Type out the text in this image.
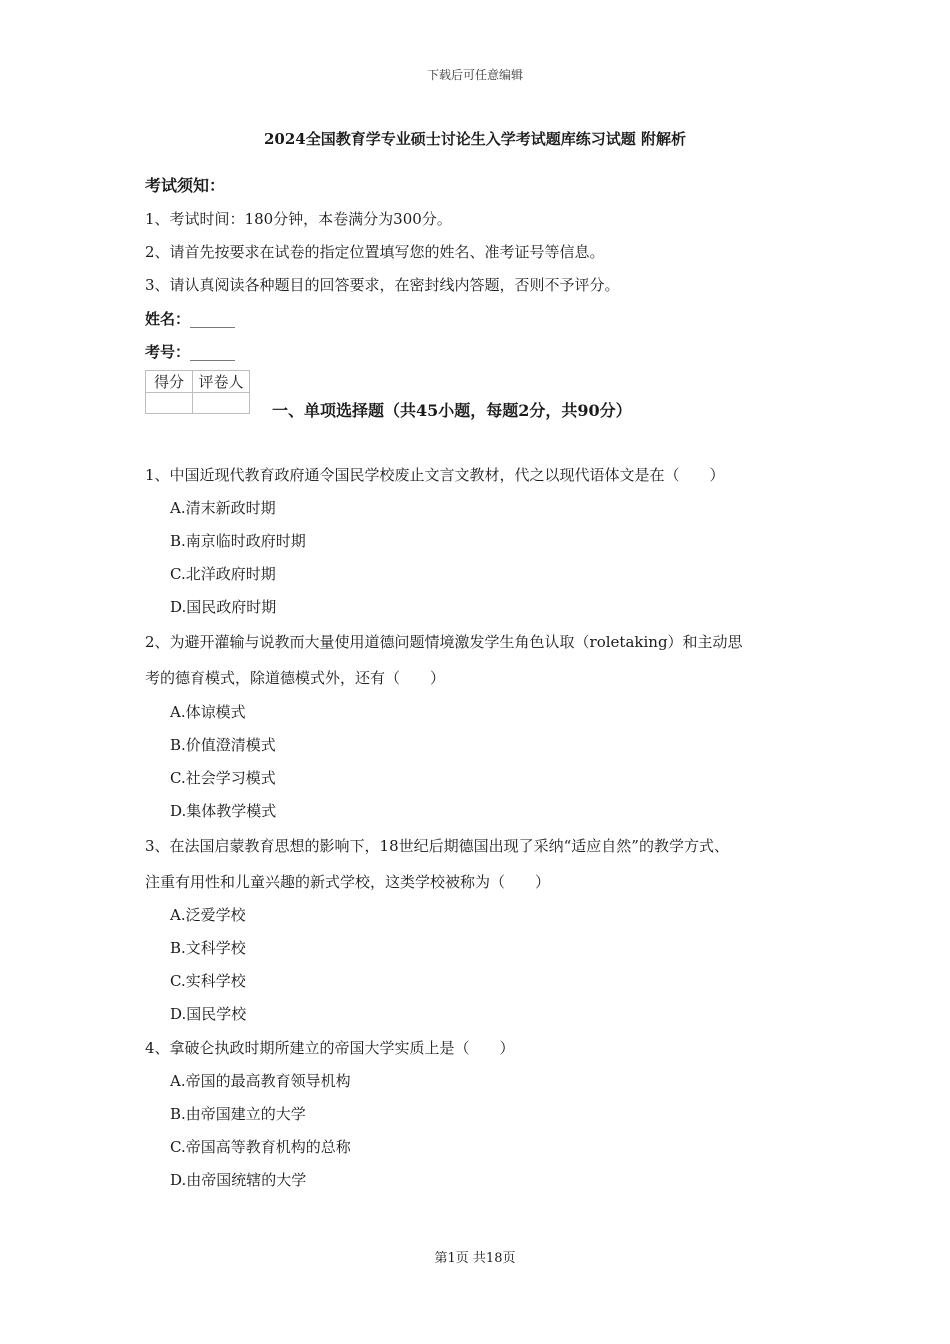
下载后可任意编辑
2024全国教育学专业硕士讨论生入学考试题库练习试题 附解析
考试须知：
1、考试时间：180分钟，本卷满分为300分。
2、请首先按要求在试卷的指定位置填写您的姓名、准考证号等信息。
3、请认真阅读各种题目的回答要求，在密封线内答题，否则不予评分。
姓名：______
考号：______
得分	评卷人

一、单项选择题（共45小题，每题2分，共90分）
1、中国近现代教育政府通令国民学校废止文言文教材，代之以现代语体文是在（　　）
A.清末新政时期
B.南京临时政府时期
C.北洋政府时期
D.国民政府时期
2、为避开灌输与说教而大量使用道德问题情境激发学生角色认取（roletaking）和主动思
考的德育模式，除道德模式外，还有（　　）
A.体谅模式
B.价值澄清模式
C.社会学习模式
D.集体教学模式
3、在法国启蒙教育思想的影响下，18世纪后期德国出现了采纳“适应自然”的教学方式、
注重有用性和儿童兴趣的新式学校，这类学校被称为（　　）
A.泛爱学校
B.文科学校
C.实科学校
D.国民学校
4、拿破仑执政时期所建立的帝国大学实质上是（　　）
A.帝国的最高教育领导机构
B.由帝国建立的大学
C.帝国高等教育机构的总称
D.由帝国统辖的大学
第1页 共18页
